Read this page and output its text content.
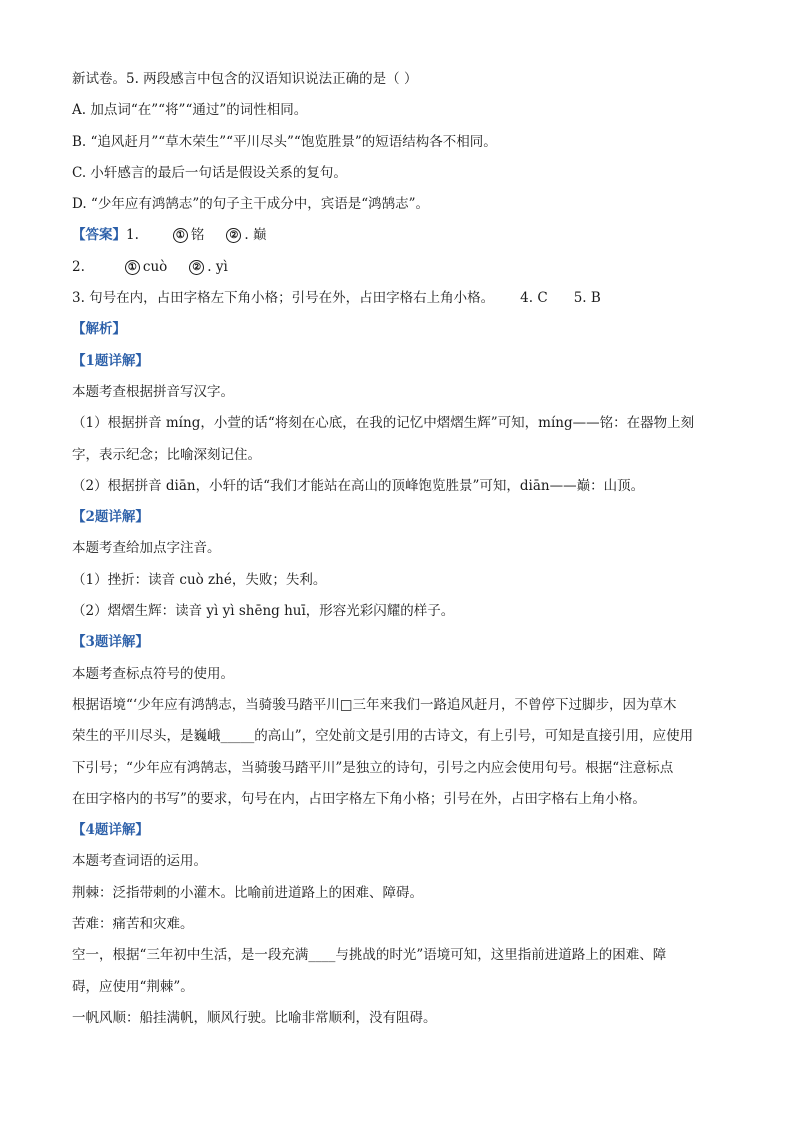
新试卷。5. 两段感言中包含的汉语知识说法正确的是（ ）
A. 加点词“在”“将”“通过”的词性相同。
B. “追风赶月”“草木荣生”“平川尽头”“饱览胜景”的短语结构各不相同。
C. 小轩感言的最后一句话是假设关系的复句。
D. “少年应有鸿鹄志”的句子主干成分中，宾语是“鸿鹄志”。
【答案】1.	① 铭	② . 巅
2.	① cuò	② . yì
3. 句号在内，占田字格左下角小格；引号在外，占田字格右上角小格。 4. C 5. B
【解析】
【1题详解】
本题考查根据拼音写汉字。
（1）根据拼音 míng，小萱的话“将刻在心底，在我的记忆中熠熠生辉”可知，míng——铭：在器物上刻
字，表示纪念；比喻深刻记住。
（2）根据拼音 diān，小轩的话“我们才能站在高山的顶峰饱览胜景”可知，diān——巅：山顶。
【2题详解】
本题考查给加点字注音。
（1）挫折：读音 cuò zhé，失败；失利。
（2）熠熠生辉：读音 yì yì shēng huī，形容光彩闪耀的样子。
【3题详解】
本题考查标点符号的使用。
根据语境“‘少年应有鸿鹄志，当骑骏马踏平川□三年来我们一路追风赶月，不曾停下过脚步，因为草木
荣生的平川尽头，是巍峨_____的高山”，空处前文是引用的古诗文，有上引号，可知是直接引用，应使用
下引号；“少年应有鸿鹄志，当骑骏马踏平川”是独立的诗句，引号之内应会使用句号。根据“注意标点
在田字格内的书写”的要求，句号在内，占田字格左下角小格；引号在外，占田字格右上角小格。
【4题详解】
本题考查词语的运用。
荆棘：泛指带刺的小灌木。比喻前进道路上的困难、障碍。
苦难：痛苦和灾难。
空一，根据“三年初中生活，是一段充满____与挑战的时光”语境可知，这里指前进道路上的困难、障
碍，应使用“荆棘”。
一帆风顺：船挂满帆，顺风行驶。比喻非常顺利，没有阻碍。
